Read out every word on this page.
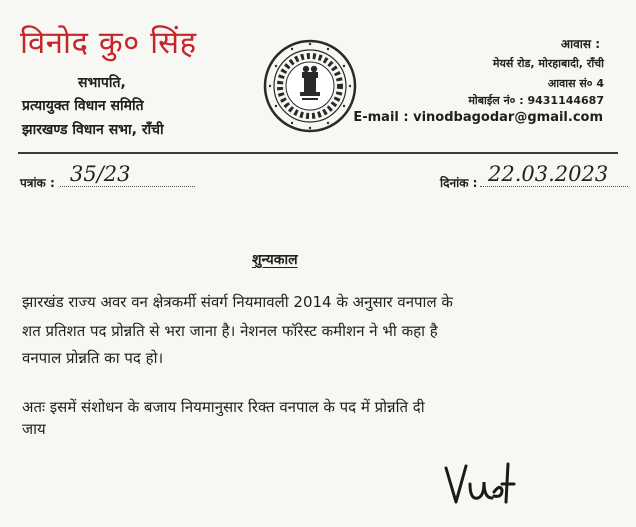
विनोद कु० सिंह
सभापति,
प्रत्यायुक्त विधान समिति
झारखण्ड विधान सभा, राँची
आवास :
मेयर्स रोड, मोरहाबादी, राँची
आवास सं० 4
मोबाईल नं० : 9431144687
E-mail : vinodbagodar@gmail.com
पत्रांक : 35/23	दिनांक : 22.03.2023
शुन्यकाल
झारखंड राज्य अवर वन क्षेत्रकर्मी संवर्ग नियमावली 2014 के अनुसार वनपाल के
शत प्रतिशत पद प्रोन्नति से भरा जाना है। नेशनल फॉरेस्ट कमीशन ने भी कहा है
वनपाल प्रोन्नति का पद हो।
अतः इसमें संशोधन के बजाय नियमानुसार रिक्त वनपाल के पद में प्रोन्नति दी
जाय
